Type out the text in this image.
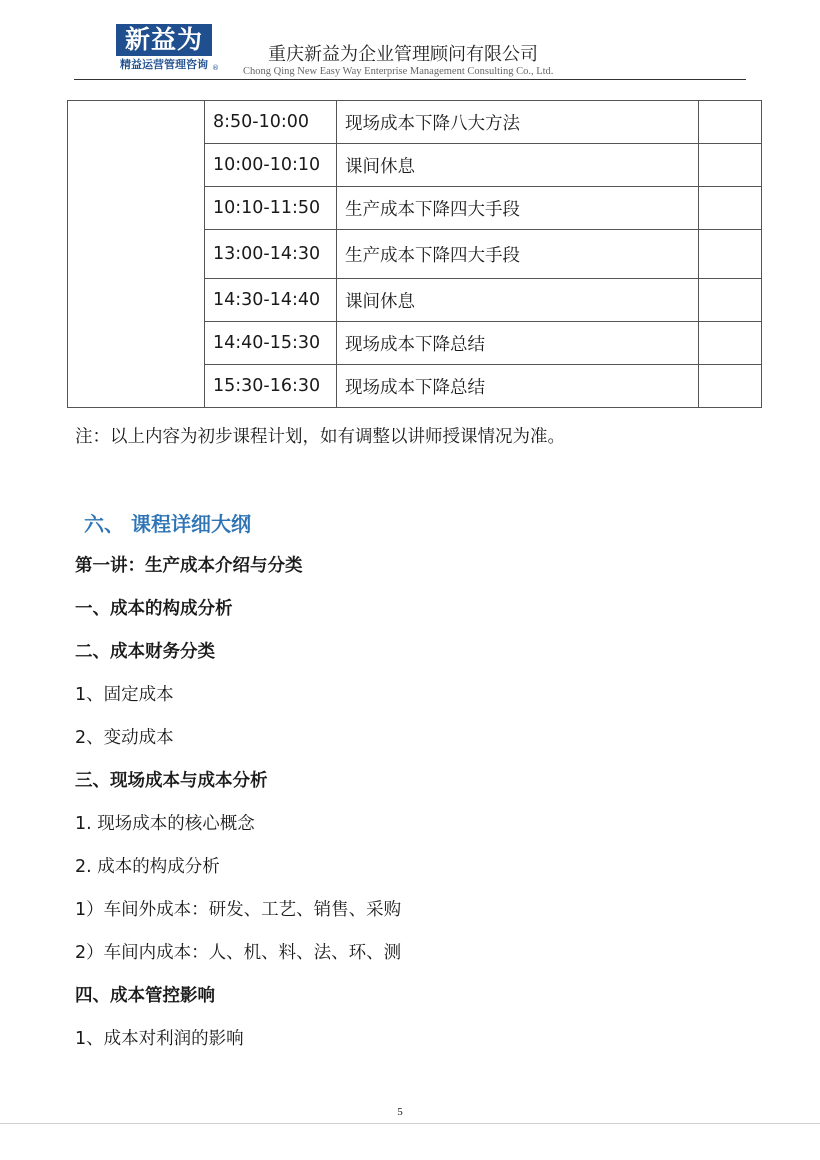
新益为
精益运营管理咨询 ®
重庆新益为企业管理顾问有限公司
Chong Qing New Easy Way Enterprise Management Consulting Co., Ltd.
	8:50-10:00	现场成本下降八大方法	
	10:00-10:10	课间休息	
	10:10-11:50	生产成本下降四大手段	
	13:00-14:30	生产成本下降四大手段	
	14:30-14:40	课间休息	
	14:40-15:30	现场成本下降总结	
	15:30-16:30	现场成本下降总结	
注：以上内容为初步课程计划，如有调整以讲师授课情况为准。
六、 课程详细大纲
第一讲：生产成本介绍与分类
一、成本的构成分析
二、成本财务分类
1、固定成本
2、变动成本
三、现场成本与成本分析
1. 现场成本的核心概念
2. 成本的构成分析
1）车间外成本：研发、工艺、销售、采购
2）车间内成本：人、机、料、法、环、测
四、成本管控影响
1、成本对利润的影响
5
